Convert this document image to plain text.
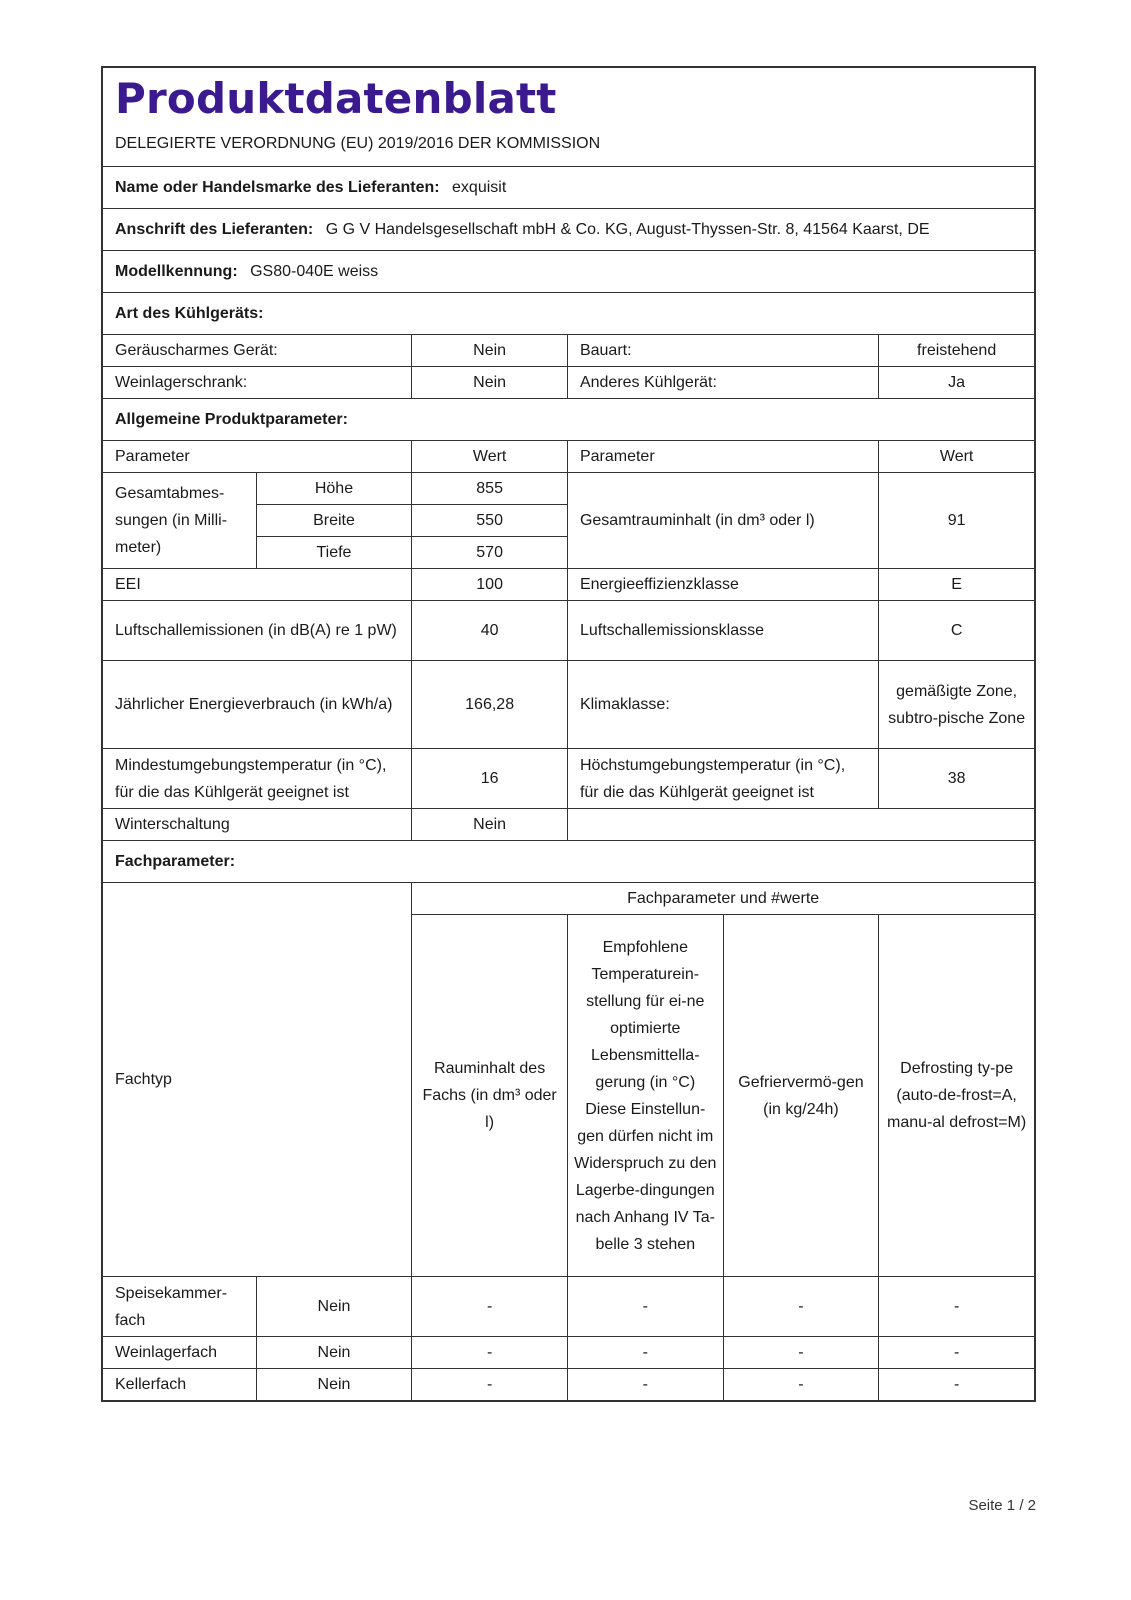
Produktdatenblatt					

DELEGIERTE VERORDNUNG (EU) 2019/2016 DER KOMMISSION					
Name oder Handelsmarke des Lieferanten: exquisit					
Anschrift des Lieferanten: G G V Handelsgesellschaft mbH & Co. KG, August-Thyssen-Str. 8, 41564 Kaarst, DE					
Modellkennung: GS80-040E weiss					
Art des Kühlgeräts:					
Geräuscharmes Gerät:		Nein	Bauart:		freistehend
Weinlagerschrank:		Nein	Anderes Kühlgerät:		Ja
Allgemeine Produktparameter:					
Parameter		Wert	Parameter		Wert
Gesamtabmes-sungen (in Milli-meter)	Höhe	855	Gesamtrauminhalt (in dm³ oder l)		91
	Breite	550			
	Tiefe	570			
EEI		100	Energieeffizienzklasse		E
Luftschallemissionen (in dB(A) re 1 pW)		40	Luftschallemissionsklasse		C
Jährlicher Energieverbrauch (in kWh/a)		166,28	Klimaklasse:		gemäßigte Zone, subtro-pische Zone
Mindestumgebungstemperatur (in °C), für die das Kühlgerät geeignet ist		16	Höchstumgebungstemperatur (in °C), für die das Kühlgerät geeignet ist		38
Winterschaltung		Nein			
Fachparameter:					
Fachtyp		Fachparameter und #werte			
		Rauminhalt des Fachs (in dm³ oder l)	Empfohlene Temperaturein-stellung für ei-ne optimierte Lebensmittella-gerung (in °C) Diese Einstellun-gen dürfen nicht im Widerspruch zu den Lagerbe-dingungen nach Anhang IV Ta-belle 3 stehen	Gefriervermö-gen (in kg/24h)	Defrosting ty-pe (auto-de-frost=A, manu-al defrost=M)
Speisekammer-fach	Nein	-	-	-	-
Weinlagerfach	Nein	-	-	-	-
Kellerfach	Nein	-	-	-	-
Seite 1 / 2
